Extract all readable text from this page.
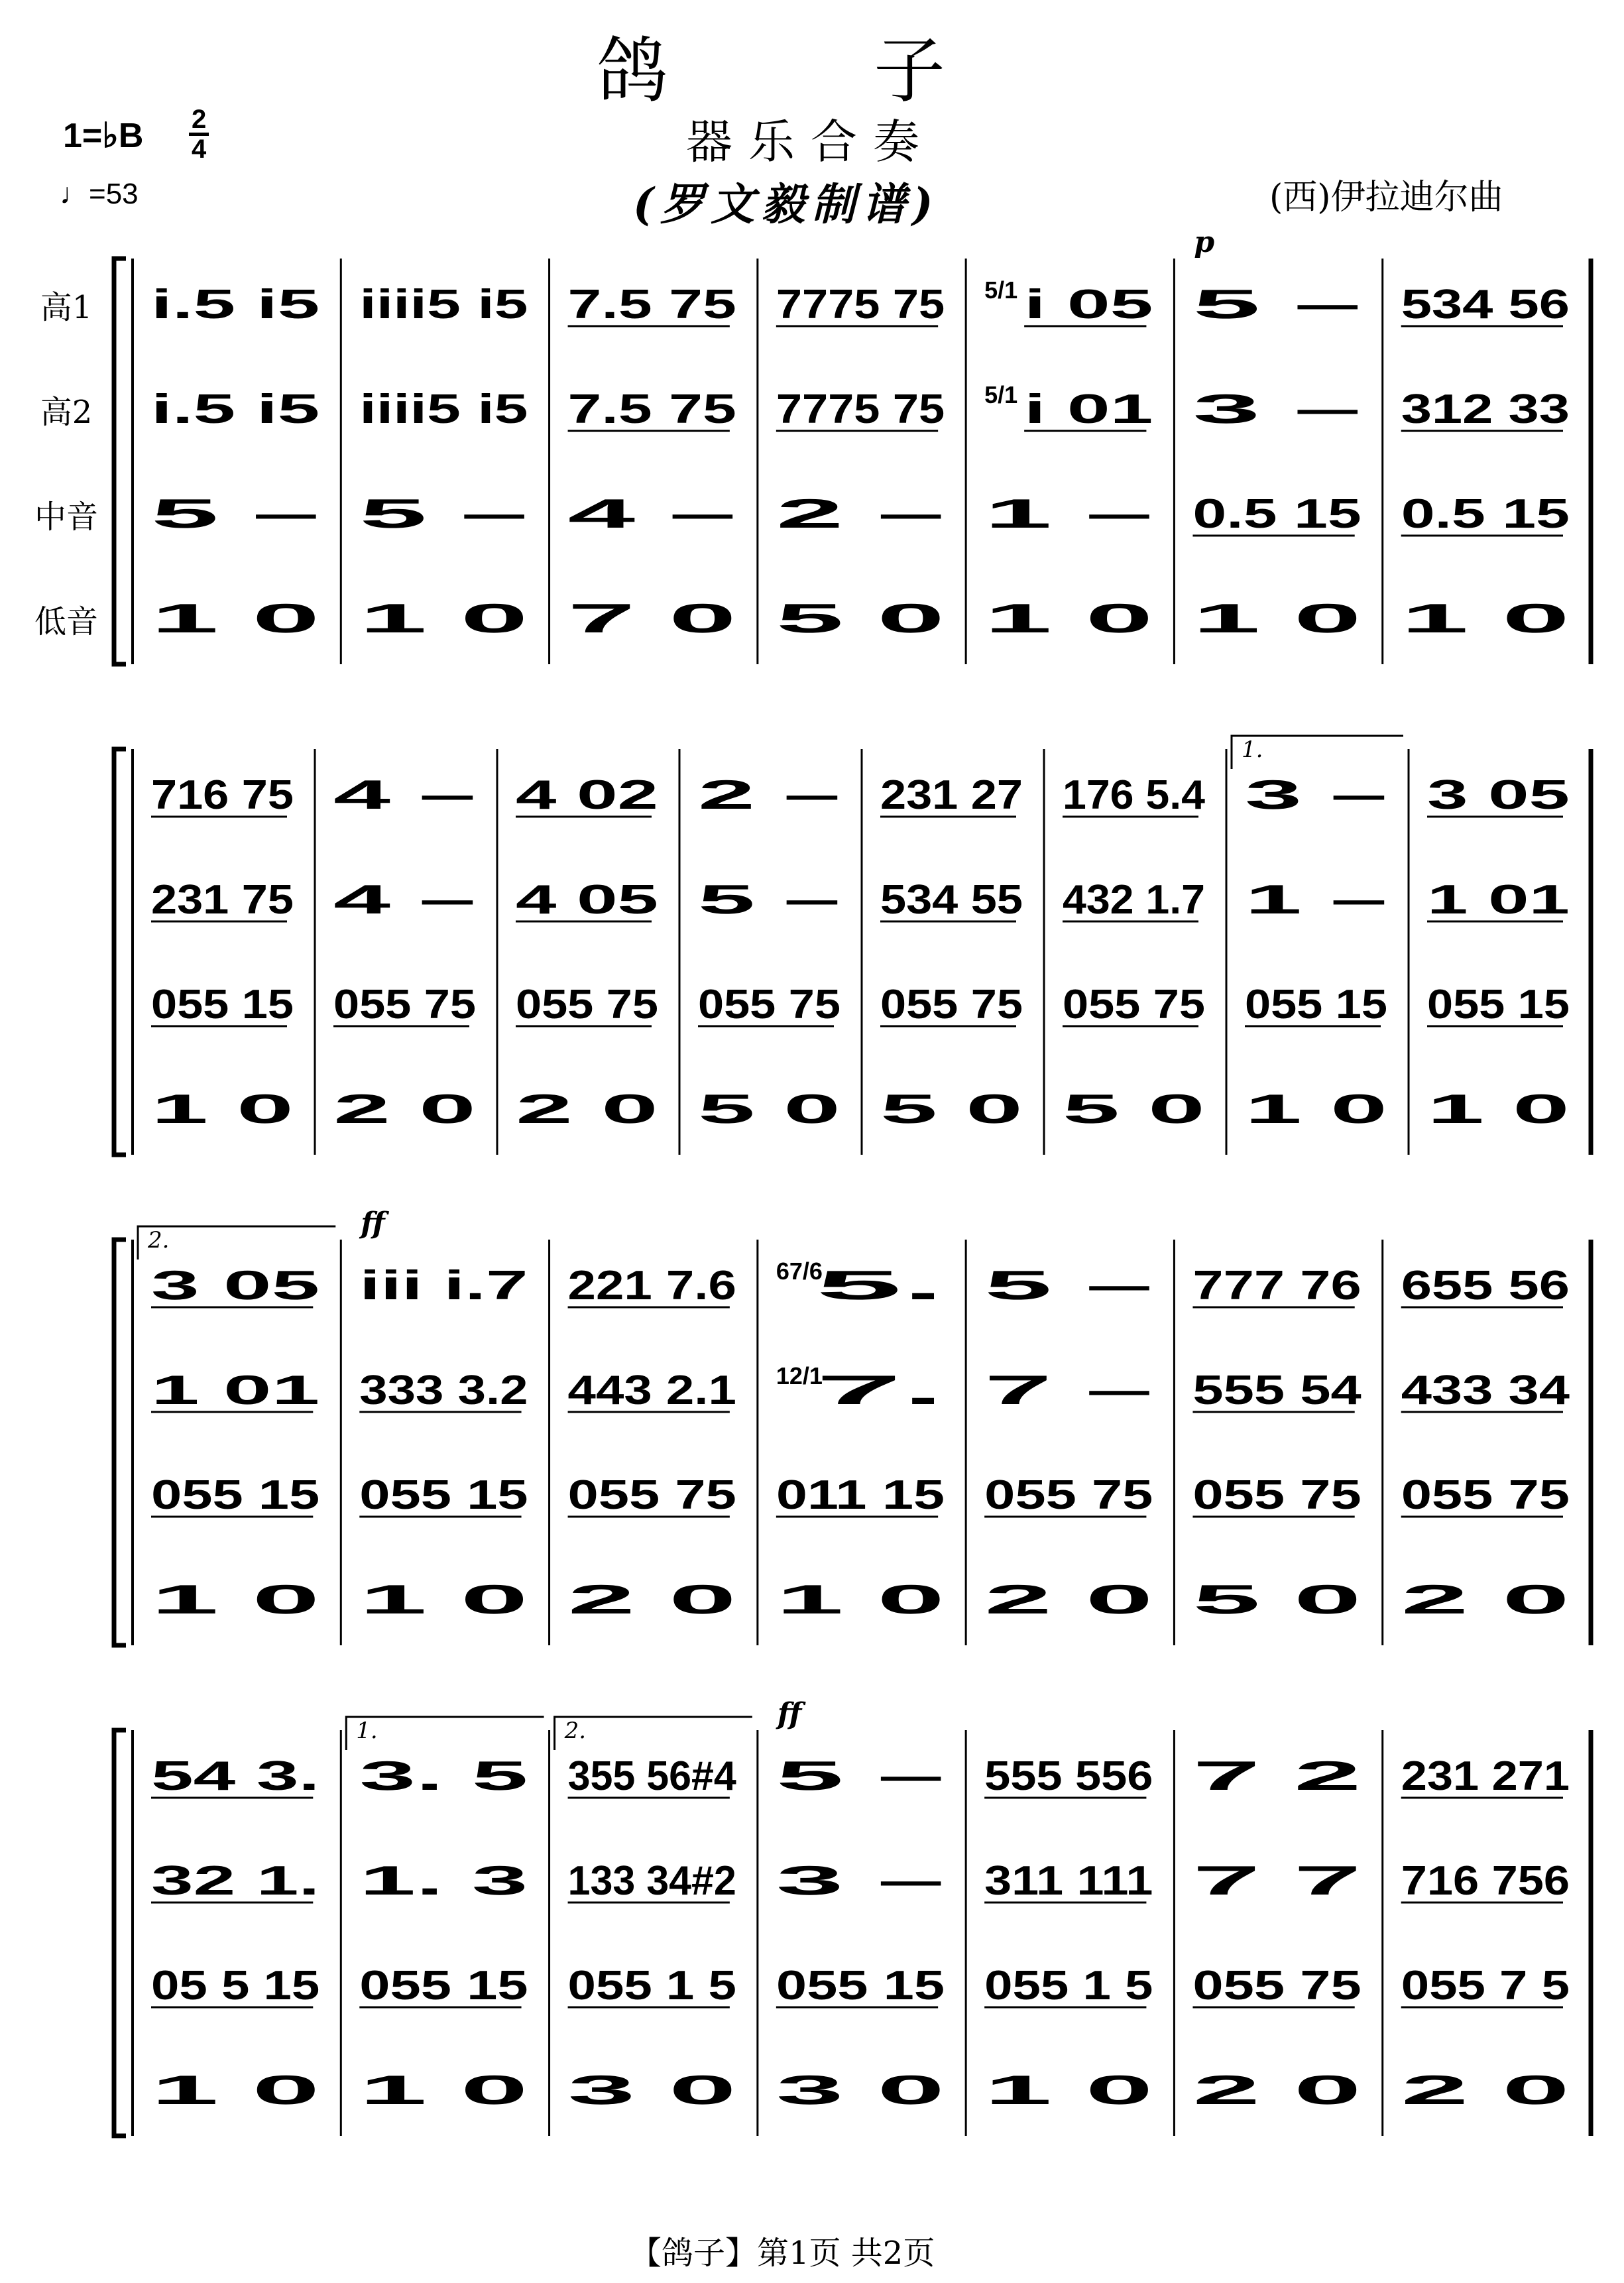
鸽子
器乐合奏
(罗文毅制谱)	(西)伊拉迪尔曲
1=♭B 2
4
♩=53
p
高1 i.5 i5 iiii5 i5 7.5 75 7775 75 5/1 i 05 5 – 534 56
高2 i.5 i5 iiii5 i5 7.5 75 7775 75 5/1 i 01 3 – 312 33
中音 5 – 5 – 4 – 2 – 1 – 0.5 15 0.5 15
低音 1 0 1 0 7 0 5 0 1 0 1 0 1 0
1.
716 75 4 – 4 02 2 – 231 27 176 5.4 3 – 3 05
231 75 4 – 4 05 5 – 534 55 432 1.7 1 – 1 01
055 15 055 75 055 75 055 75 055 75 055 75 055 15 055 15
1 0 2 0 2 0 5 0 5 0 5 0 1 0 1 0
ff
2.
3 05 iii i.7 221 7.6 67/6
5. 5 – 777 76 655 56
1 01 333 3.2 443 2.1 12/1
7. 7 – 555 54 433 34
055 15 055 15 055 75 011 15 055 75 055 75 055 75
1 0 1 0 2 0 1 0 2 0 5 0 2 0
ff
1.	2.
54 3. 3. 5 355 56#4 5 – 555 556 7 2 231 271
32 1. 1. 3 133 34#2 3 – 311 111 7 7 716 756
05 5 15 055 15 055 1 5 055 15 055 1 5 055 75 055 7 5
1 0 1 0 3 0 3 0 1 0 2 0 2 0
【鸽子】第1页 共2页
